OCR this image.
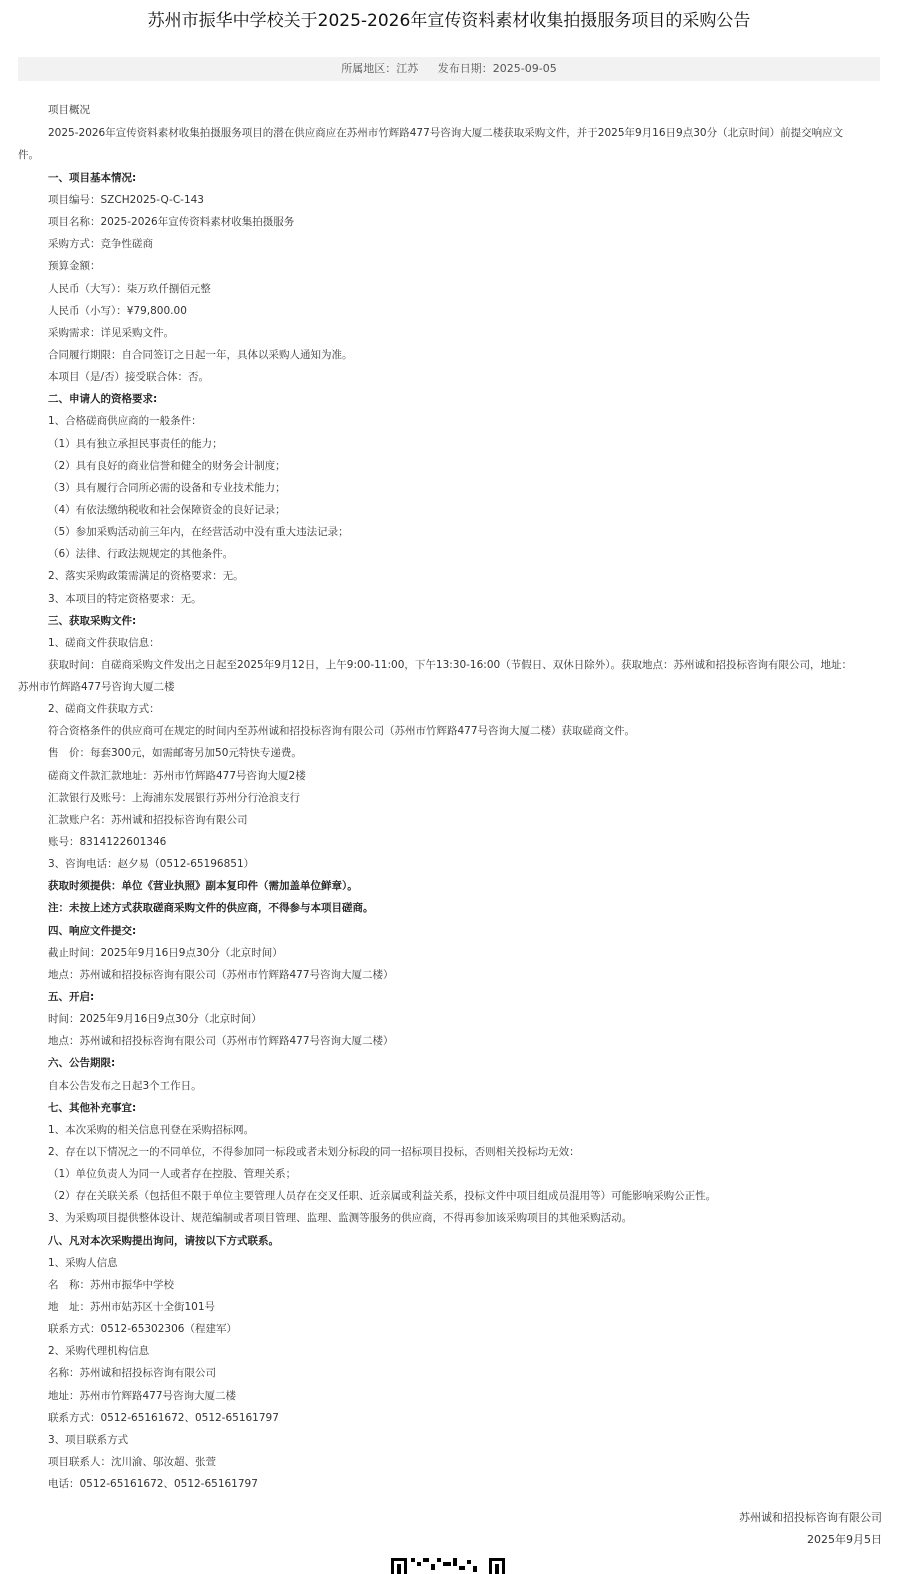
苏州市振华中学校关于2025-2026年宣传资料素材收集拍摄服务项目的采购公告
所属地区：江苏 发布日期：2025-09-05
项目概况
2025-2026年宣传资料素材收集拍摄服务项目的潜在供应商应在苏州市竹辉路477号咨询大厦二楼获取采购文件，并于2025年9月16日9点30分（北京时间）前提交响应文
件。
一、项目基本情况:
项目编号：SZCH2025-Q-C-143
项目名称：2025-2026年宣传资料素材收集拍摄服务
采购方式：竞争性磋商
预算金额：
人民币（大写）：柒万玖仟捌佰元整
人民币（小写）：¥79,800.00
采购需求：详见采购文件。
合同履行期限：自合同签订之日起一年，具体以采购人通知为准。
本项目（是/否）接受联合体：否。
二、申请人的资格要求:
1、合格磋商供应商的一般条件：
（1）具有独立承担民事责任的能力；
（2）具有良好的商业信誉和健全的财务会计制度；
（3）具有履行合同所必需的设备和专业技术能力；
（4）有依法缴纳税收和社会保障资金的良好记录；
（5）参加采购活动前三年内，在经营活动中没有重大违法记录；
（6）法律、行政法规规定的其他条件。
2、落实采购政策需满足的资格要求：无。
3、本项目的特定资格要求：无。
三、获取采购文件:
1、磋商文件获取信息：
获取时间：自磋商采购文件发出之日起至2025年9月12日，上午9:00-11:00，下午13:30-16:00（节假日、双休日除外）。获取地点：苏州诚和招投标咨询有限公司，地址：
苏州市竹辉路477号咨询大厦二楼
2、磋商文件获取方式：
符合资格条件的供应商可在规定的时间内至苏州诚和招投标咨询有限公司（苏州市竹辉路477号咨询大厦二楼）获取磋商文件。
售　价：每套300元，如需邮寄另加50元特快专递费。
磋商文件款汇款地址：苏州市竹辉路477号咨询大厦2楼
汇款银行及账号：上海浦东发展银行苏州分行沧浪支行
汇款账户名：苏州诚和招投标咨询有限公司
账号：8314122601346
3、咨询电话：赵夕易（0512-65196851）
获取时须提供：单位《营业执照》副本复印件（需加盖单位鲜章）。
注：未按上述方式获取磋商采购文件的供应商，不得参与本项目磋商。
四、响应文件提交:
截止时间：2025年9月16日9点30分（北京时间）
地点：苏州诚和招投标咨询有限公司（苏州市竹辉路477号咨询大厦二楼）
五、开启:
时间：2025年9月16日9点30分（北京时间）
地点：苏州诚和招投标咨询有限公司（苏州市竹辉路477号咨询大厦二楼）
六、公告期限:
自本公告发布之日起3个工作日。
七、其他补充事宜:
1、本次采购的相关信息刊登在采购招标网。
2、存在以下情况之一的不同单位，不得参加同一标段或者未划分标段的同一招标项目投标，否则相关投标均无效：
（1）单位负责人为同一人或者存在控股、管理关系；
（2）存在关联关系（包括但不限于单位主要管理人员存在交叉任职、近亲属或利益关系，投标文件中项目组成员混用等）可能影响采购公正性。
3、为采购项目提供整体设计、规范编制或者项目管理、监理、监测等服务的供应商，不得再参加该采购项目的其他采购活动。
八、凡对本次采购提出询问，请按以下方式联系。
1、采购人信息
名　称：苏州市振华中学校
地　址：苏州市姑苏区十全街101号
联系方式：0512-65302306（程建军）
2、采购代理机构信息
名称：苏州诚和招投标咨询有限公司
地址：苏州市竹辉路477号咨询大厦二楼
联系方式：0512-65161672、0512-65161797
3、项目联系方式
项目联系人：沈川渝、邬汝超、张萱
电话：0512-65161672、0512-65161797
苏州诚和招投标咨询有限公司
2025年9月5日
